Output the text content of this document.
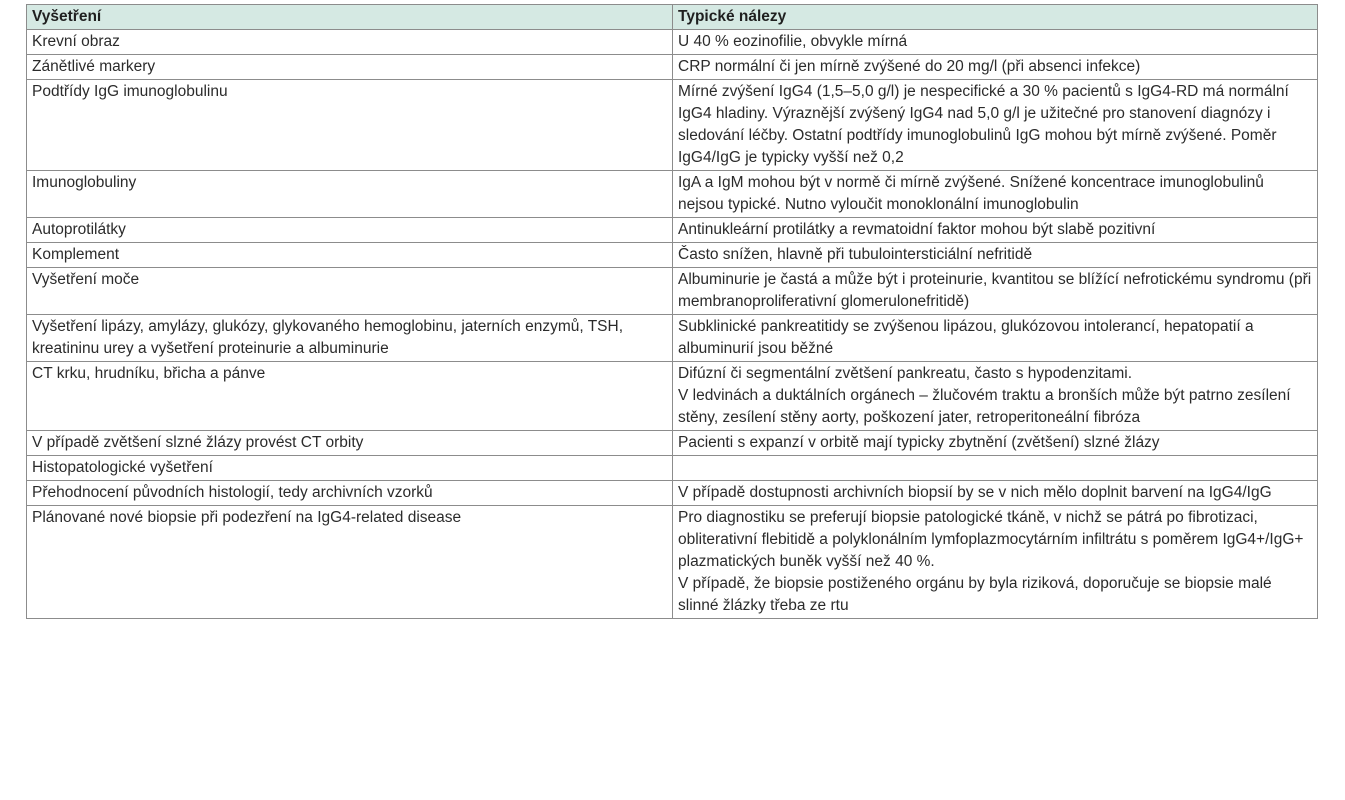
Vyšetření	Typické nálezy
Krevní obraz	U 40 % eozinofilie, obvykle mírná
Zánětlivé markery	CRP normální či jen mírně zvýšené do 20 mg/l (při absenci infekce)
Podtřídy IgG imunoglobulinu	Mírné zvýšení IgG4 (1,5–5,0 g/l) je nespecifické a 30 % pacientů s IgG4-RD má normální IgG4 hladiny. Výraznější zvýšený IgG4 nad 5,0 g/l je užitečné pro stanovení diagnózy i sledování léčby. Ostatní podtřídy imunoglobulinů IgG mohou být mírně zvýšené. Poměr IgG4/IgG je typicky vyšší než 0,2
Imunoglobuliny	IgA a IgM mohou být v normě či mírně zvýšené. Snížené koncentrace imunoglobulinů nejsou typické. Nutno vyloučit monoklonální imunoglobulin
Autoprotilátky	Antinukleární protilátky a revmatoidní faktor mohou být slabě pozitivní
Komplement	Často snížen, hlavně při tubulointersticiální nefritidě
Vyšetření moče	Albuminurie je častá a může být i proteinurie, kvantitou se blížící nefrotickému syndromu (při membranoproliferativní glomerulonefritidě)
Vyšetření lipázy, amylázy, glukózy, glykovaného hemoglobinu, jaterních enzymů, TSH, kreatininu urey a vyšetření proteinurie a albuminurie	Subklinické pankreatitidy se zvýšenou lipázou, glukózovou intolerancí, hepatopatií a albuminurií jsou běžné
CT krku, hrudníku, břicha a pánve	Difúzní či segmentální zvětšení pankreatu, často s hypodenzitami.
V ledvinách a duktálních orgánech – žlučovém traktu a bronších může být patrno zesílení stěny, zesílení stěny aorty, poškození jater, retroperitoneální fibróza
V případě zvětšení slzné žlázy provést CT orbity	Pacienti s expanzí v orbitě mají typicky zbytnění (zvětšení) slzné žlázy
Histopatologické vyšetření	
Přehodnocení původních histologií, tedy archivních vzorků	V případě dostupnosti archivních biopsií by se v nich mělo doplnit barvení na IgG4/IgG
Plánované nové biopsie při podezření na IgG4-related disease	Pro diagnostiku se preferují biopsie patologické tkáně, v nichž se pátrá po fibrotizaci, obliterativní flebitidě a polyklonálním lymfoplazmocytárním infiltrátu s poměrem IgG4+/IgG+ plazmatických buněk vyšší než 40 %.
V případě, že biopsie postiženého orgánu by byla riziková, doporučuje se biopsie malé slinné žlázky třeba ze rtu
